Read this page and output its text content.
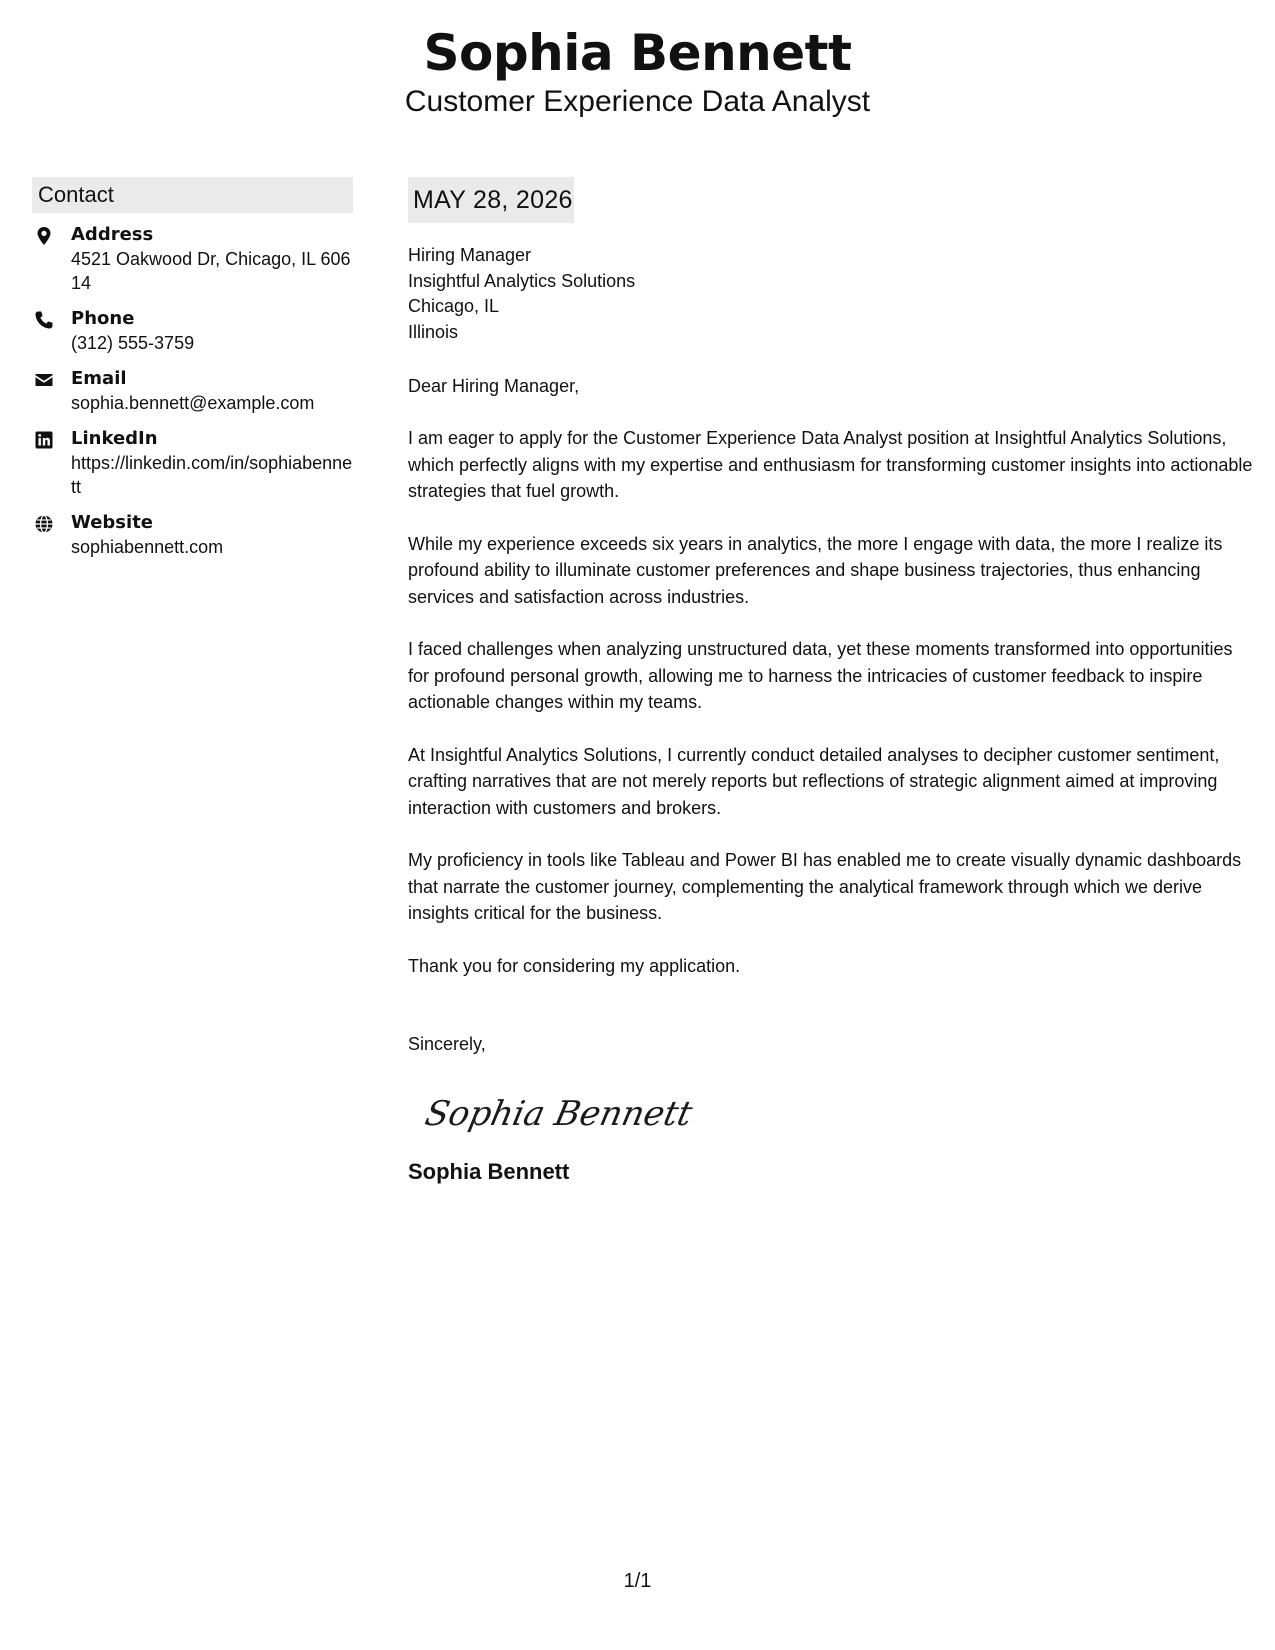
Sophia Bennett

Customer Experience Data Analyst

Contact
Address
4521 Oakwood Dr, Chicago, IL 60614
Phone
(312) 555-3759
Email
sophia.bennett@example.com
LinkedIn
https://linkedin.com/in/sophiabennett
Website
sophiabennett.com
MAY 28, 2026
Hiring Manager
Insightful Analytics Solutions
Chicago, IL
Illinois
Dear Hiring Manager,
I am eager to apply for the Customer Experience Data Analyst position at Insightful Analytics Solutions, which perfectly aligns with my expertise and enthusiasm for transforming customer insights into actionable strategies that fuel growth.
While my experience exceeds six years in analytics, the more I engage with data, the more I realize its profound ability to illuminate customer preferences and shape business trajectories, thus enhancing services and satisfaction across industries.
I faced challenges when analyzing unstructured data, yet these moments transformed into opportunities for profound personal growth, allowing me to harness the intricacies of customer feedback to inspire actionable changes within my teams.
At Insightful Analytics Solutions, I currently conduct detailed analyses to decipher customer sentiment, crafting narratives that are not merely reports but reflections of strategic alignment aimed at improving interaction with customers and brokers.
My proficiency in tools like Tableau and Power BI has enabled me to create visually dynamic dashboards that narrate the customer journey, complementing the analytical framework through which we derive insights critical for the business.
Thank you for considering my application.
Sincerely,
Sophia Bennett
Sophia Bennett
1/1
